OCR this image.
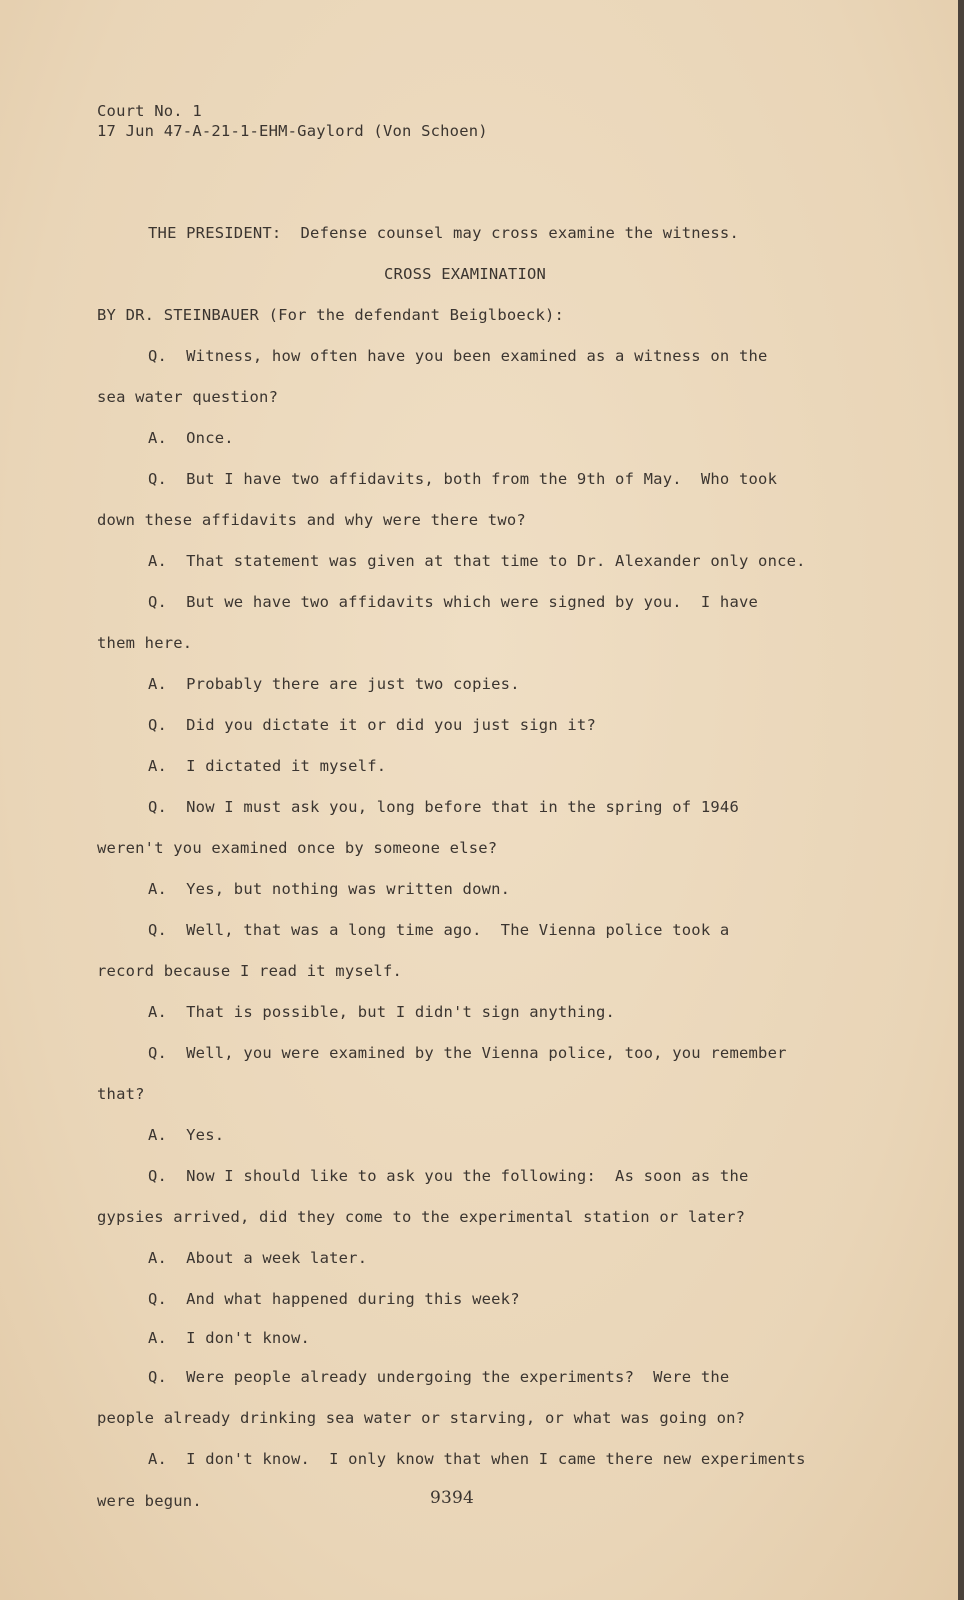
Court No. 1
17 Jun 47-A-21-1-EHM-Gaylord (Von Schoen)
THE PRESIDENT:  Defense counsel may cross examine the witness.
CROSS EXAMINATION
BY DR. STEINBAUER (For the defendant Beiglboeck):
Q.  Witness, how often have you been examined as a witness on the
sea water question?
A.  Once.
Q.  But I have two affidavits, both from the 9th of May.  Who took
down these affidavits and why were there two?
A.  That statement was given at that time to Dr. Alexander only once.
Q.  But we have two affidavits which were signed by you.  I have
them here.
A.  Probably there are just two copies.
Q.  Did you dictate it or did you just sign it?
A.  I dictated it myself.
Q.  Now I must ask you, long before that in the spring of 1946
weren't you examined once by someone else?
A.  Yes, but nothing was written down.
Q.  Well, that was a long time ago.  The Vienna police took a
record because I read it myself.
A.  That is possible, but I didn't sign anything.
Q.  Well, you were examined by the Vienna police, too, you remember
that?
A.  Yes.
Q.  Now I should like to ask you the following:  As soon as the
gypsies arrived, did they come to the experimental station or later?
A.  About a week later.
Q.  And what happened during this week?
A.  I don't know.
Q.  Were people already undergoing the experiments?  Were the
people already drinking sea water or starving, or what was going on?
A.  I don't know.  I only know that when I came there new experiments
were begun.	9394
